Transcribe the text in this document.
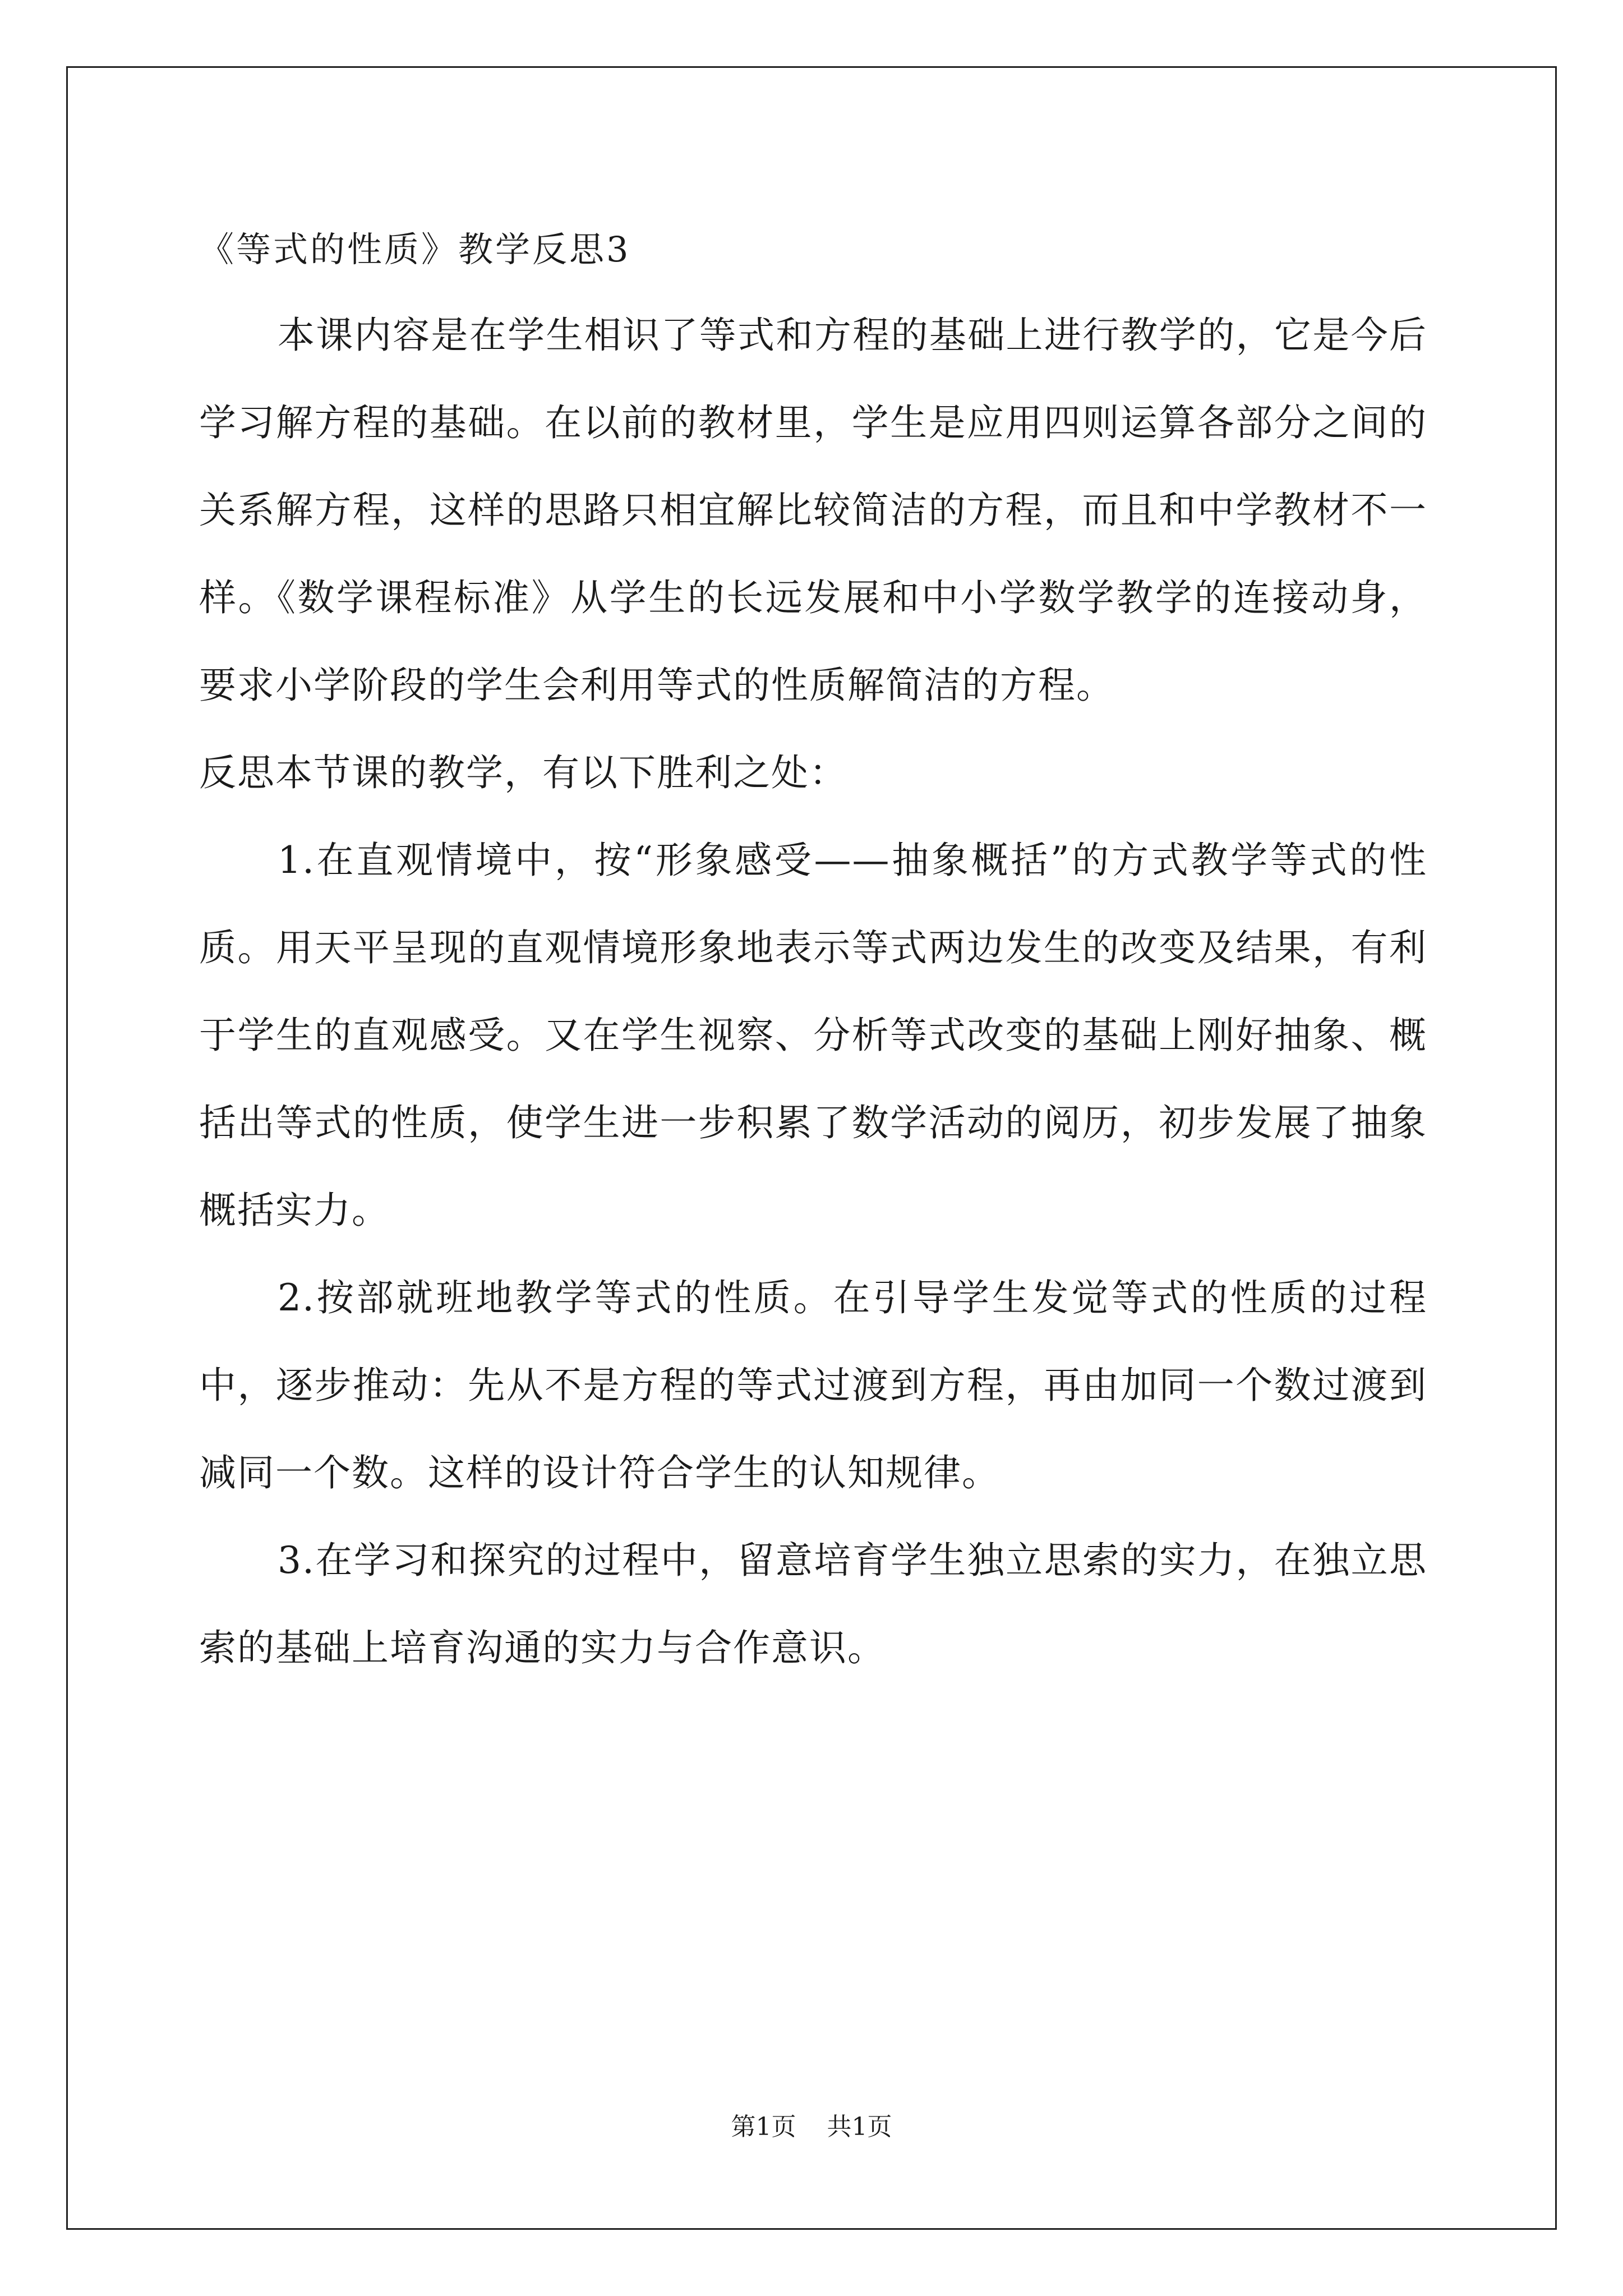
《等式的性质》教学反思3

本课内容是在学生相识了等式和方程的基础上进行教学的，它是今后学习解方程的基础。在以前的教材里，学生是应用四则运算各部分之间的关系解方程，这样的思路只相宜解比较简洁的方程，而且和中学教材不一样。《数学课程标准》从学生的长远发展和中小学数学教学的连接动身，要求小学阶段的学生会利用等式的性质解简洁的方程。

反思本节课的教学，有以下胜利之处：

1.在直观情境中，按“形象感受——抽象概括”的方式教学等式的性质。用天平呈现的直观情境形象地表示等式两边发生的改变及结果，有利于学生的直观感受。又在学生视察、分析等式改变的基础上刚好抽象、概括出等式的性质，使学生进一步积累了数学活动的阅历，初步发展了抽象概括实力。

2.按部就班地教学等式的性质。在引导学生发觉等式的性质的过程中，逐步推动：先从不是方程的等式过渡到方程，再由加同一个数过渡到减同一个数。这样的设计符合学生的认知规律。

3.在学习和探究的过程中，留意培育学生独立思索的实力，在独立思索的基础上培育沟通的实力与合作意识。

第1页 共1页
